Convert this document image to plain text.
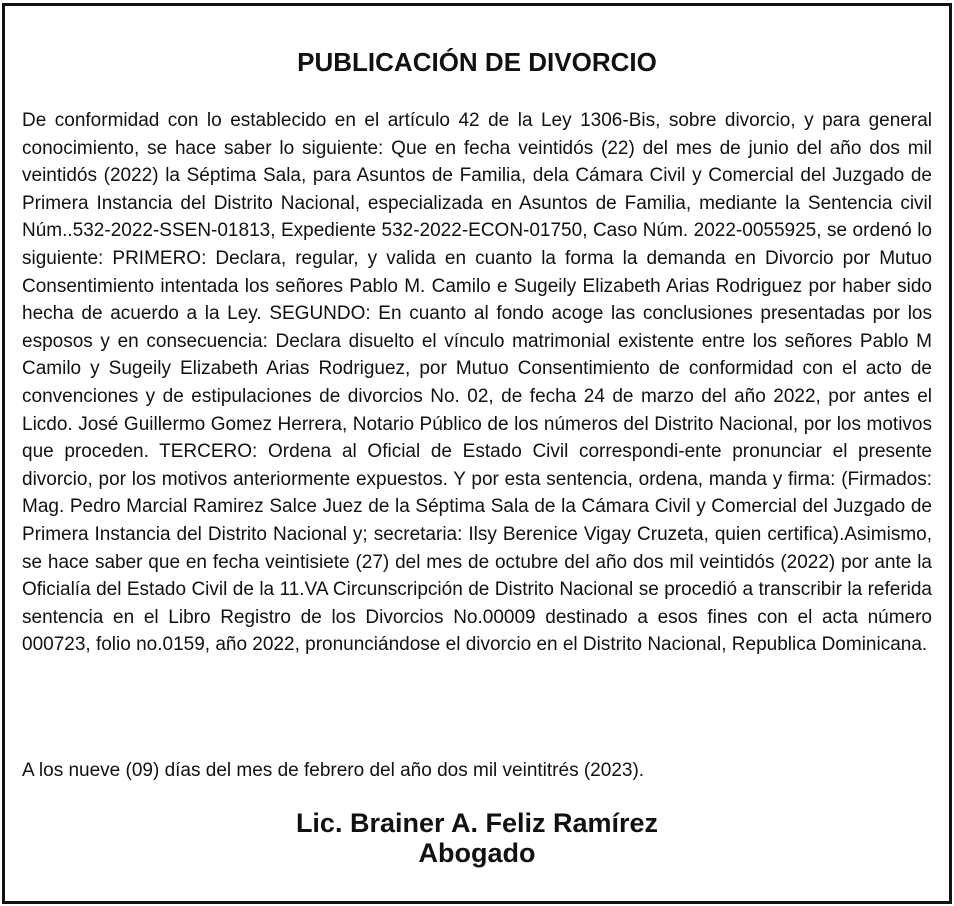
PUBLICACIÓN DE DIVORCIO

De conformidad con lo establecido en el artículo 42 de la Ley 1306-Bis, sobre divorcio, y para general conocimiento, se hace saber lo siguiente: Que en fecha veintidós (22) del mes de junio del año dos mil veintidós (2022) la Séptima Sala, para Asuntos de Familia, dela Cámara Civil y Comercial del Juzgado de Primera Instancia del Distrito Nacional, especializada en Asuntos de Familia, mediante la Sentencia civil Núm..532-2022-SSEN-01813, Expediente 532-2022-ECON-01750, Caso Núm. 2022-0055925, se ordenó lo siguiente: PRIMERO: Declara, regular, y valida en cuanto la forma la demanda en Divorcio por Mutuo Consentimiento intentada los señores Pablo M. Camilo e Sugeily Elizabeth Arias Rodriguez por haber sido hecha de acuerdo a la Ley. SEGUNDO: En cuanto al fondo acoge las conclusiones presentadas por los esposos y en consecuencia: Declara disuelto el vínculo matrimonial existente entre los señores Pablo M Camilo y Sugeily Elizabeth Arias Rodriguez, por Mutuo Consentimiento de conformidad con el acto de convenciones y de estipulaciones de divorcios No. 02, de fecha 24 de marzo del año 2022, por antes el Licdo. José Guillermo Gomez Herrera, Notario Público de los números del Distrito Nacional, por los motivos que proceden. TERCERO: Ordena al Oficial de Estado Civil correspondi-ente pronunciar el presente divorcio, por los motivos anteriormente expuestos. Y por esta sentencia, ordena, manda y firma: (Firmados: Mag. Pedro Marcial Ramirez Salce Juez de la Séptima Sala de la Cámara Civil y Comercial del Juzgado de Primera Instancia del Distrito Nacional y; secretaria: Ilsy Berenice Vigay Cruzeta, quien certifica).Asimismo, se hace saber que en fecha veintisiete (27) del mes de octubre del año dos mil veintidós (2022) por ante la Oficialía del Estado Civil de la 11.VA Circunscripción de Distrito Nacional se procedió a transcribir la referida sentencia en el Libro Registro de los Divorcios No.00009 destinado a esos fines con el acta número 000723, folio no.0159, año 2022, pronunciándose el divorcio en el Distrito Nacional, Republica Dominicana.

A los nueve (09) días del mes de febrero del año dos mil veintitrés (2023).

Lic. Brainer A. Feliz Ramírez
Abogado
